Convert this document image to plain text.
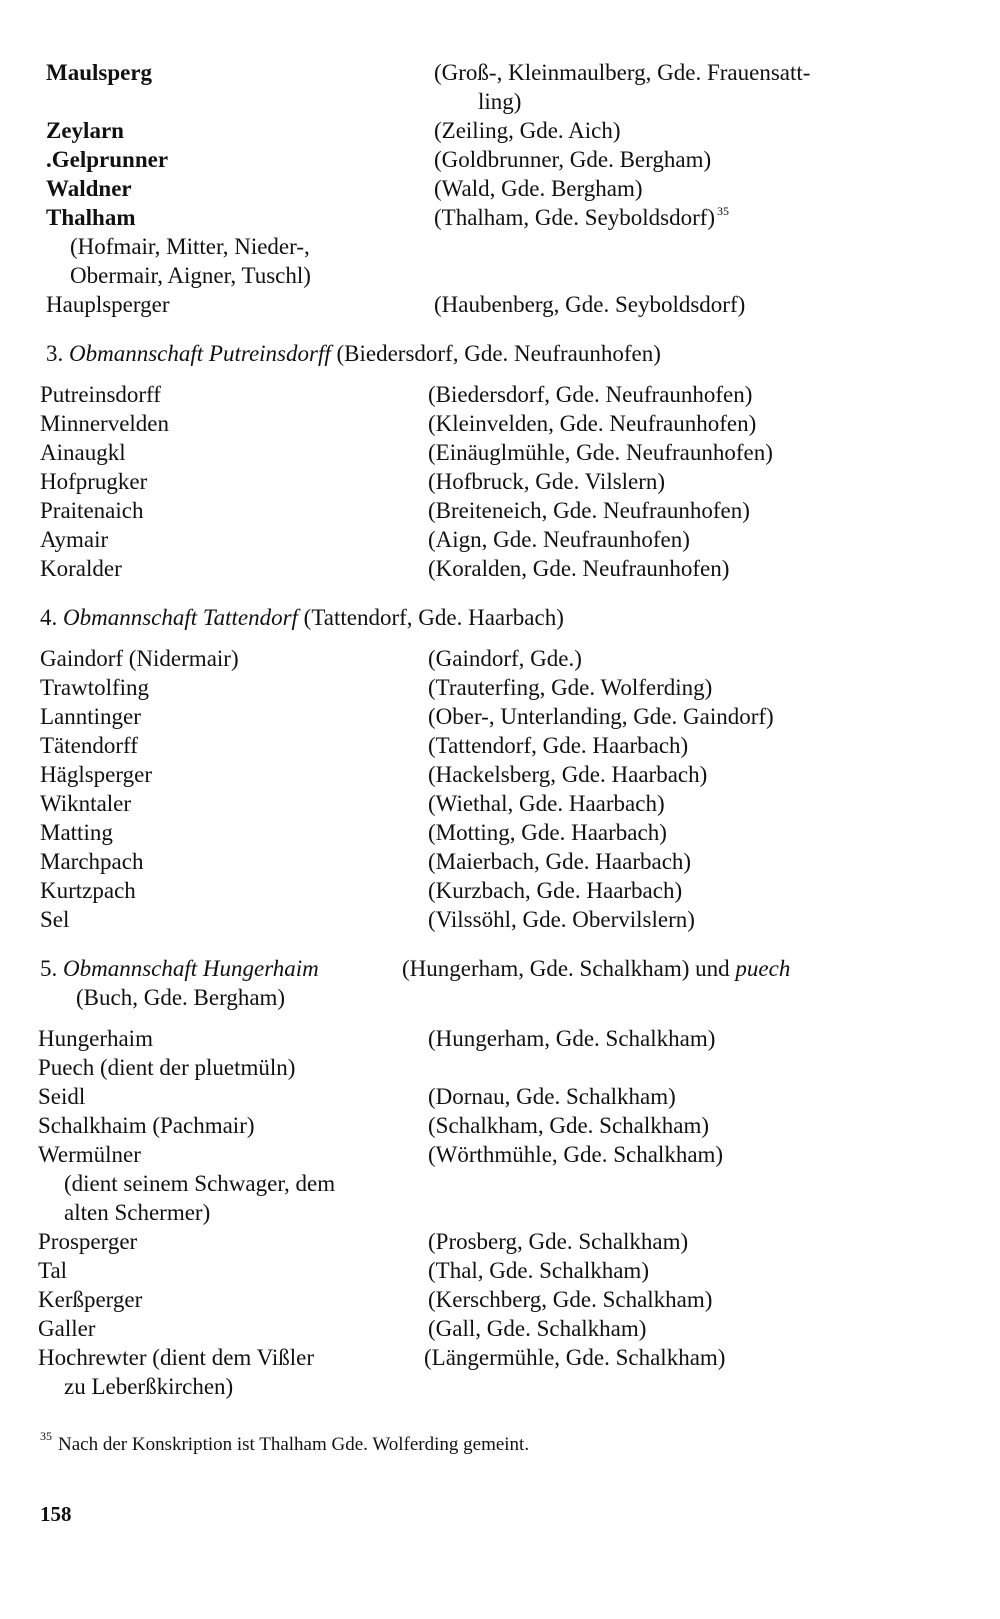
Maulsperg	(Groß-, Kleinmaulberg, Gde. Frauensatt-
ling)
Zeylarn	(Zeiling, Gde. Aich)
.Gelprunner	(Goldbrunner, Gde. Bergham)
Waldner	(Wald, Gde. Bergham)
Thalham	(Thalham, Gde. Seyboldsdorf) $^{35}$
(Hofmair, Mitter, Nieder-,
Obermair, Aigner, Tuschl)
Hauplsperger	(Haubenberg, Gde. Seyboldsdorf)
3. Obmannschaft Putreinsdorff (Biedersdorf, Gde. Neufraunhofen)
Putreinsdorff	(Biedersdorf, Gde. Neufraunhofen)
Minnervelden	(Kleinvelden, Gde. Neufraunhofen)
Ainaugkl	(Einäuglmühle, Gde. Neufraunhofen)
Hofprugker	(Hofbruck, Gde. Vilslern)
Praitenaich	(Breiteneich, Gde. Neufraunhofen)
Aymair	(Aign, Gde. Neufraunhofen)
Koralder	(Koralden, Gde. Neufraunhofen)
4. Obmannschaft Tattendorf (Tattendorf, Gde. Haarbach)
Gaindorf (Nidermair)	(Gaindorf, Gde.)
Trawtolfing	(Trauterfing, Gde. Wolferding)
Lanntinger	(Ober-, Unterlanding, Gde. Gaindorf)
Tätendorff	(Tattendorf, Gde. Haarbach)
Häglsperger	(Hackelsberg, Gde. Haarbach)
Wikntaler	(Wiethal, Gde. Haarbach)
Matting	(Motting, Gde. Haarbach)
Marchpach	(Maierbach, Gde. Haarbach)
Kurtzpach	(Kurzbach, Gde. Haarbach)
Sel	(Vilssöhl, Gde. Obervilslern)
5. Obmannschaft Hungerhaim	(Hungerham, Gde. Schalkham) und puech
(Buch, Gde. Bergham)
Hungerhaim	(Hungerham, Gde. Schalkham)
Puech (dient der pluetmüln)
Seidl	(Dornau, Gde. Schalkham)
Schalkhaim (Pachmair)	(Schalkham, Gde. Schalkham)
Wermülner	(Wörthmühle, Gde. Schalkham)
(dient seinem Schwager, dem
alten Schermer)
Prosperger	(Prosberg, Gde. Schalkham)
Tal	(Thal, Gde. Schalkham)
Kerßperger	(Kerschberg, Gde. Schalkham)
Galler	(Gall, Gde. Schalkham)
Hochrewter (dient dem Vißler	(Längermühle, Gde. Schalkham)
zu Leberßkirchen)
$^{35}$ Nach der Konskription ist Thalham Gde. Wolferding gemeint.
158
